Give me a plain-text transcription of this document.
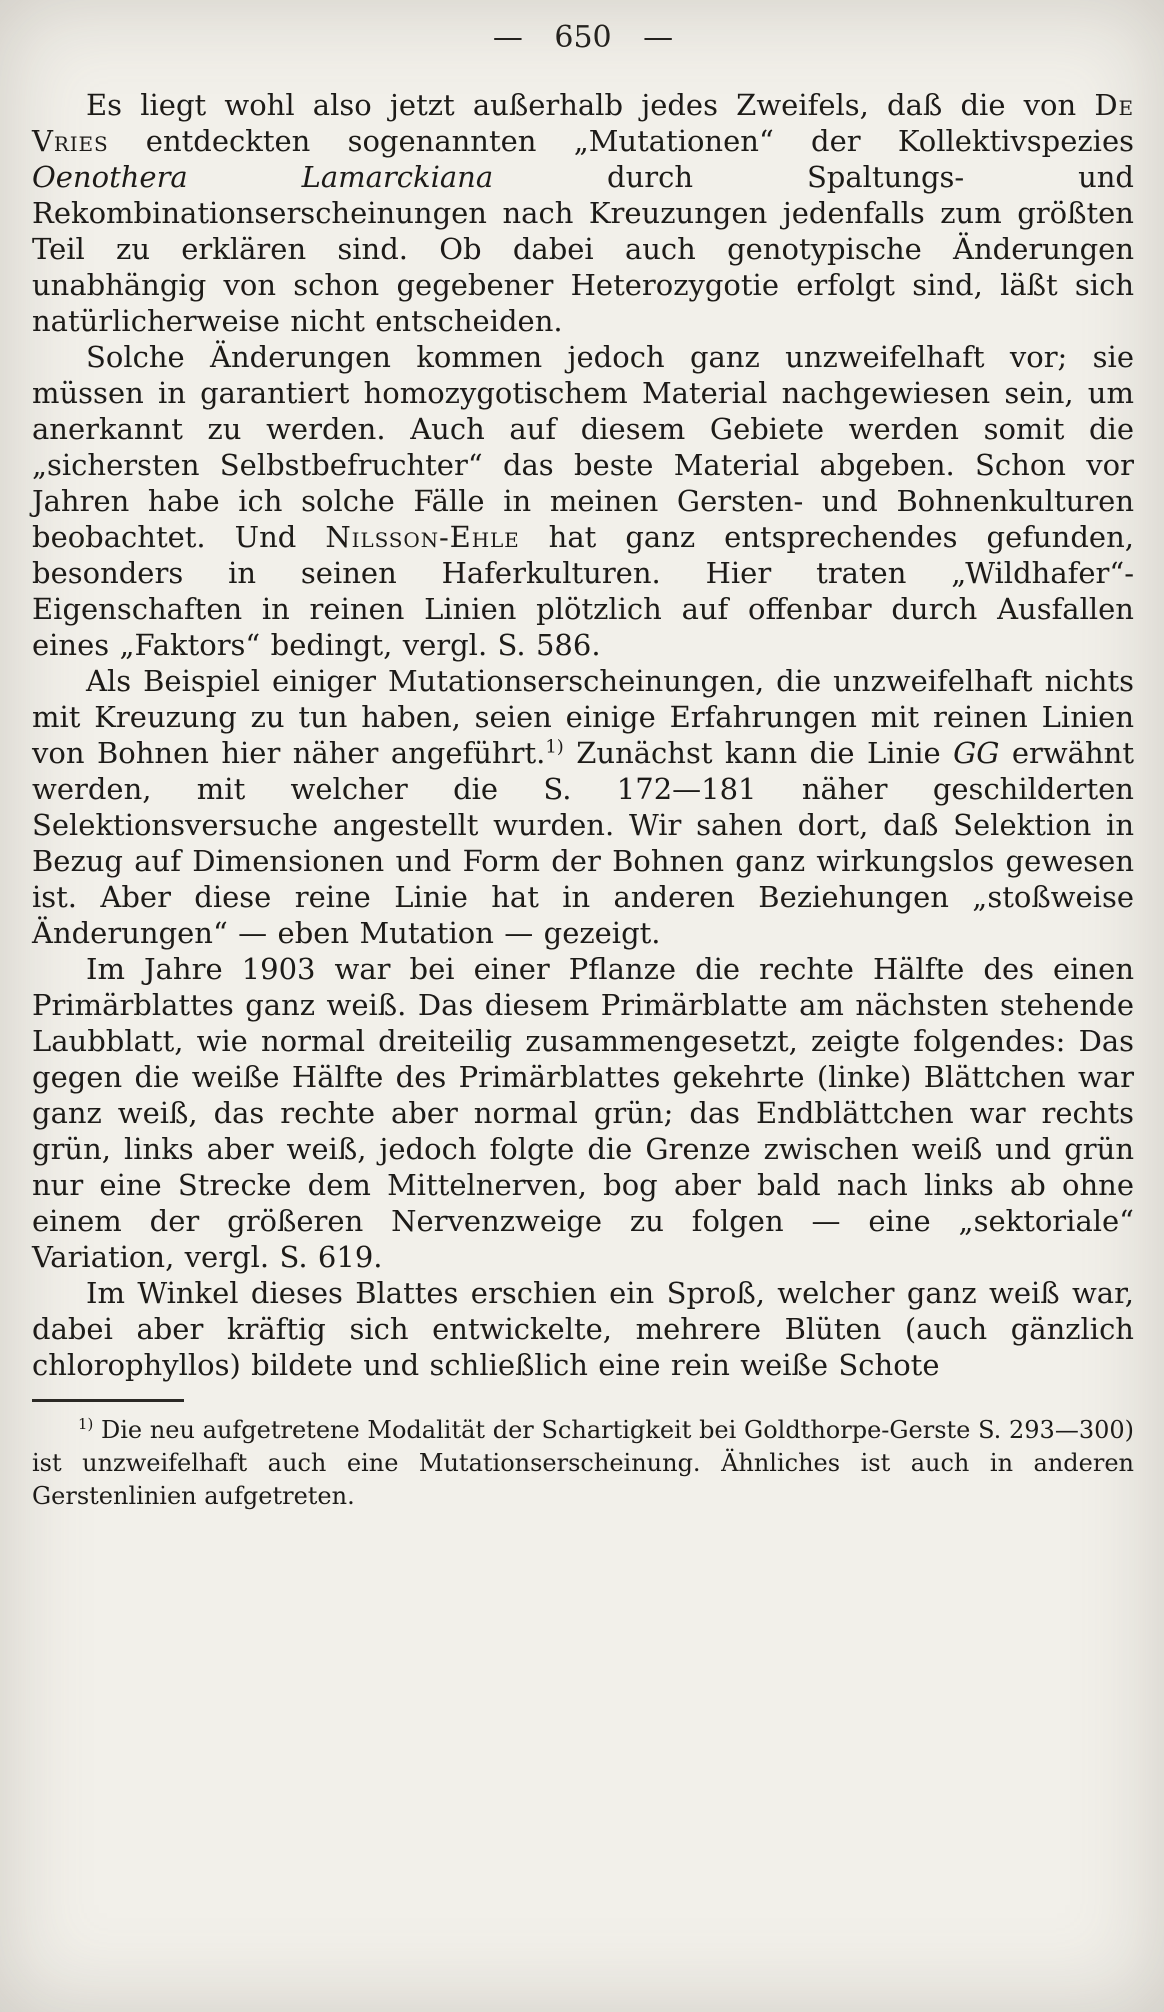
— 650 —

Es liegt wohl also jetzt außerhalb jedes Zweifels, daß die von De Vries entdeckten sogenannten „Mutationen“ der Kollektivspezies Oenothera Lamarckiana durch Spaltungs- und Rekombinationserscheinungen nach Kreuzungen jedenfalls zum größten Teil zu erklären sind. Ob dabei auch genotypische Änderungen unabhängig von schon gegebener Heterozygotie erfolgt sind, läßt sich natürlicherweise nicht entscheiden.

Solche Änderungen kommen jedoch ganz unzweifelhaft vor; sie müssen in garantiert homozygotischem Material nachgewiesen sein, um anerkannt zu werden. Auch auf diesem Gebiete werden somit die „sichersten Selbstbefruchter“ das beste Material abgeben. Schon vor Jahren habe ich solche Fälle in meinen Gersten- und Bohnenkulturen beobachtet. Und Nilsson-Ehle hat ganz entsprechendes gefunden, besonders in seinen Haferkulturen. Hier traten „Wildhafer“-Eigenschaften in reinen Linien plötzlich auf offenbar durch Ausfallen eines „Faktors“ bedingt, vergl. S. 586.

Als Beispiel einiger Mutationserscheinungen, die unzweifelhaft nichts mit Kreuzung zu tun haben, seien einige Erfahrungen mit reinen Linien von Bohnen hier näher angeführt.$^{1)}$ Zunächst kann die Linie GG erwähnt werden, mit welcher die S. 172—181 näher geschilderten Selektionsversuche angestellt wurden. Wir sahen dort, daß Selektion in Bezug auf Dimensionen und Form der Bohnen ganz wirkungslos gewesen ist. Aber diese reine Linie hat in anderen Beziehungen „stoßweise Änderungen“ — eben Mutation — gezeigt.

Im Jahre 1903 war bei einer Pflanze die rechte Hälfte des einen Primärblattes ganz weiß. Das diesem Primärblatte am nächsten stehende Laubblatt, wie normal dreiteilig zusammengesetzt, zeigte folgendes: Das gegen die weiße Hälfte des Primärblattes gekehrte (linke) Blättchen war ganz weiß, das rechte aber normal grün; das Endblättchen war rechts grün, links aber weiß, jedoch folgte die Grenze zwischen weiß und grün nur eine Strecke dem Mittelnerven, bog aber bald nach links ab ohne einem der größeren Nervenzweige zu folgen — eine „sektoriale“ Variation, vergl. S. 619.

Im Winkel dieses Blattes erschien ein Sproß, welcher ganz weiß war, dabei aber kräftig sich entwickelte, mehrere Blüten (auch gänzlich chlorophyllos) bildete und schließlich eine rein weiße Schote

$^{1)}$ Die neu aufgetretene Modalität der Schartigkeit bei Goldthorpe-Gerste S. 293—300) ist unzweifelhaft auch eine Mutationserscheinung. Ähnliches ist auch in anderen Gerstenlinien aufgetreten.
